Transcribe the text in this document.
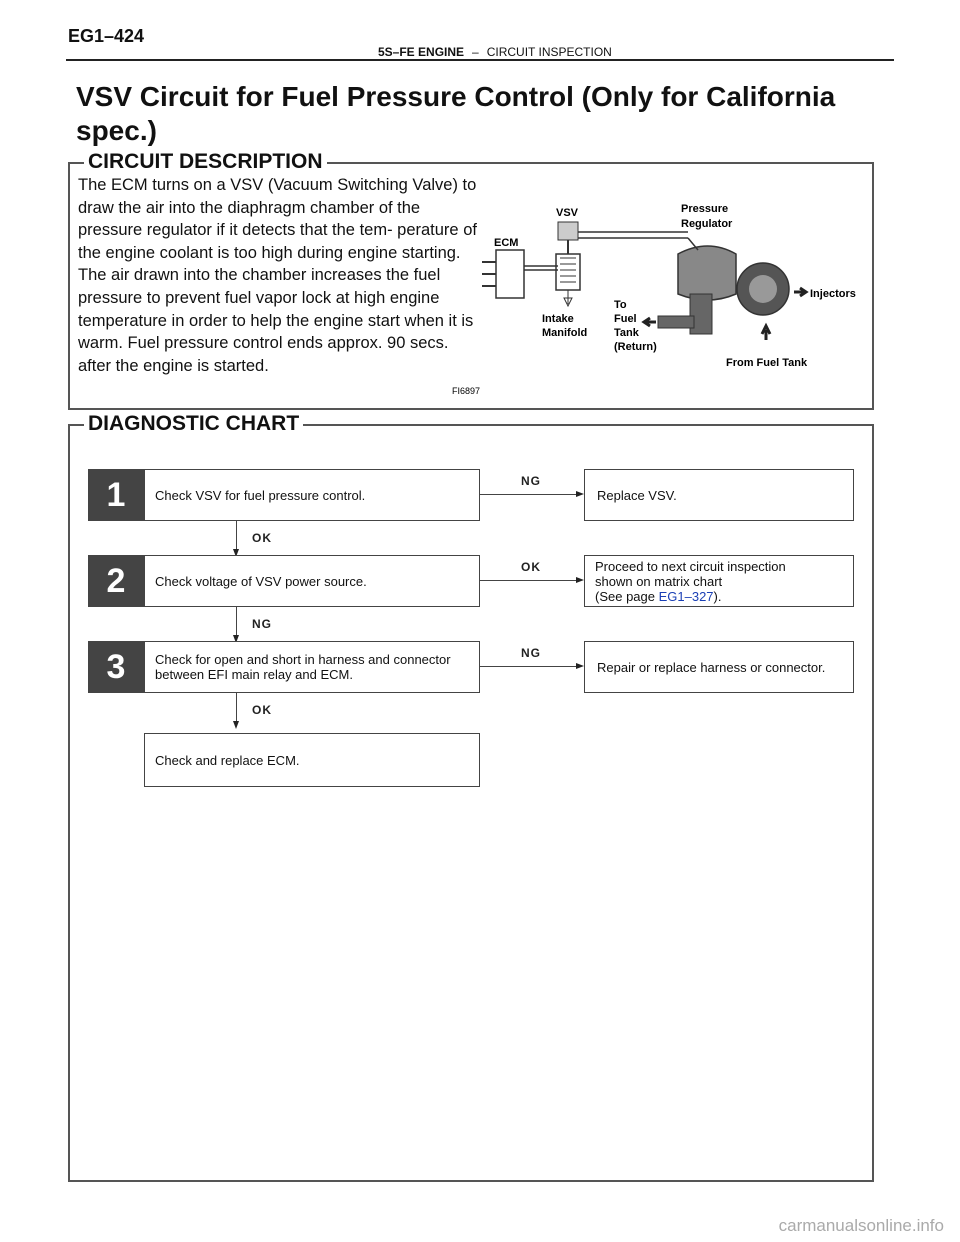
EG1–424
5S–FE ENGINE – CIRCUIT INSPECTION
VSV Circuit for Fuel Pressure Control (Only for California spec.)
CIRCUIT DESCRIPTION
The ECM turns on a VSV (Vacuum Switching Valve) to draw the air into the diaphragm chamber of the pressure regulator if it detects that the tem- perature of the engine coolant is too high during engine starting. The air drawn into the chamber increases the fuel pressure to prevent fuel vapor lock at high engine temperature in order to help the engine start when it is warm. Fuel pressure control ends approx. 90 secs. after the engine is started.
ECM
VSV	Pressure
Regulator
Injectors
Intake
Manifold
To
Fuel
Tank
(Return)
From Fuel Tank
FI6897
DIAGNOSTIC CHART
1	Check VSV for fuel pressure control.
NG
Replace VSV.
OK
2	Check voltage of VSV power source.
OK	Proceed to next circuit inspection
shown on matrix chart
(See page EG1–327).
NG
3	Check for open and short in harness and connector between EFI main relay and ECM.
NG
Repair or replace harness or connector.
OK
Check and replace ECM.
carmanualsonline.info
